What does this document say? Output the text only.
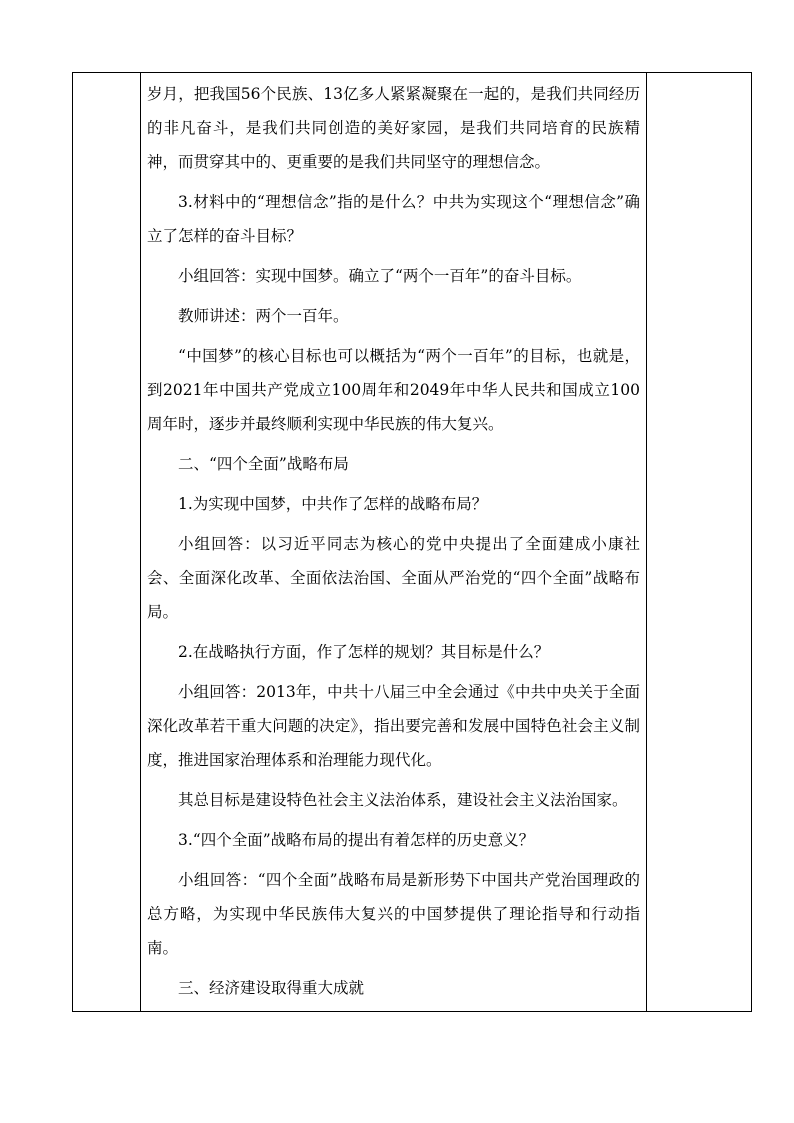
岁月，把我国56个民族、13亿多人紧紧凝聚在一起的，是我们共同经历的非凡奋斗，是我们共同创造的美好家园，是我们共同培育的民族精神，而贯穿其中的、更重要的是我们共同坚守的理想信念。

3.材料中的“理想信念”指的是什么？中共为实现这个“理想信念”确立了怎样的奋斗目标？

小组回答：实现中国梦。确立了“两个一百年”的奋斗目标。

教师讲述：两个一百年。

“中国梦”的核心目标也可以概括为“两个一百年”的目标，也就是，到2021年中国共产党成立100周年和2049年中华人民共和国成立100周年时，逐步并最终顺利实现中华民族的伟大复兴。

二、“四个全面”战略布局

1.为实现中国梦，中共作了怎样的战略布局？

小组回答：以习近平同志为核心的党中央提出了全面建成小康社会、全面深化改革、全面依法治国、全面从严治党的“四个全面”战略布局。

2.在战略执行方面，作了怎样的规划？其目标是什么？

小组回答：2013年，中共十八届三中全会通过《中共中央关于全面深化改革若干重大问题的决定》，指出要完善和发展中国特色社会主义制度，推进国家治理体系和治理能力现代化。

其总目标是建设特色社会主义法治体系，建设社会主义法治国家。

3.“四个全面”战略布局的提出有着怎样的历史意义？

小组回答：“四个全面”战略布局是新形势下中国共产党治国理政的总方略，为实现中华民族伟大复兴的中国梦提供了理论指导和行动指南。

三、经济建设取得重大成就
